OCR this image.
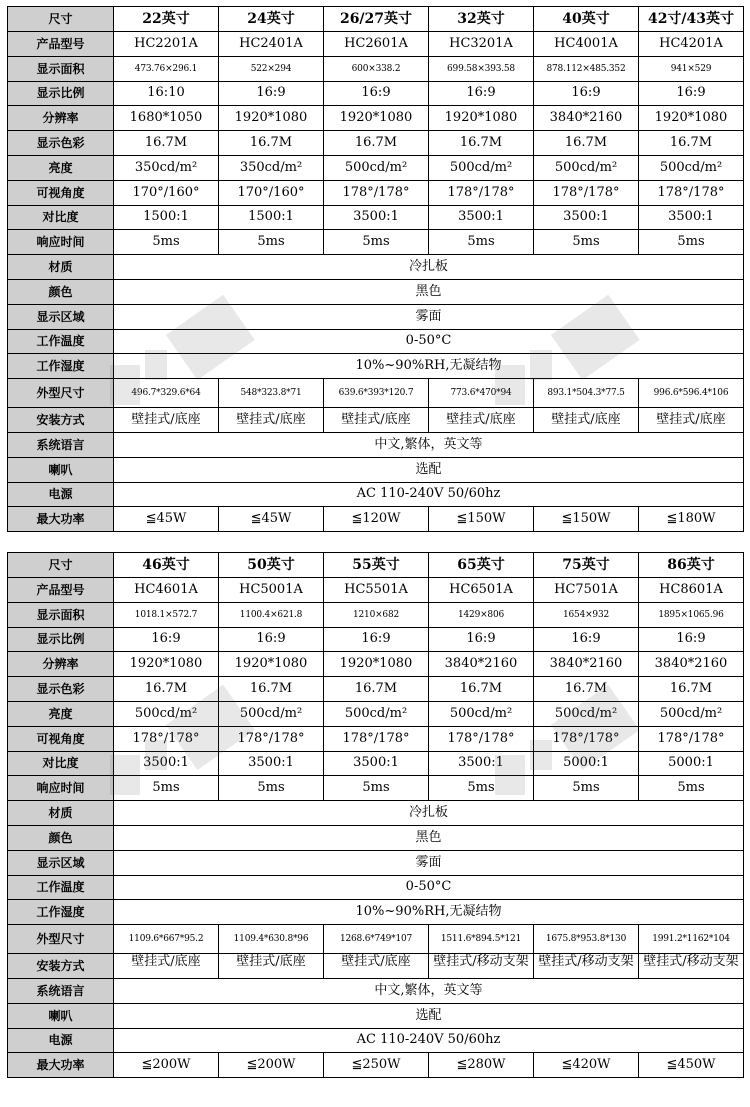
尺寸	22英寸	24英寸	26/27英寸	32英寸	40英寸	42寸/43英寸
产品型号	HC2201A	HC2401A	HC2601A	HC3201A	HC4001A	HC4201A
显示面积	473.76×296.1	522×294	600×338.2	699.58×393.58	878.112×485.352	941×529
显示比例	16:10	16:9	16:9	16:9	16:9	16:9
分辨率	1680*1050	1920*1080	1920*1080	1920*1080	3840*2160	1920*1080
显示色彩	16.7M	16.7M	16.7M	16.7M	16.7M	16.7M
亮度	350cd/m²	350cd/m²	500cd/m²	500cd/m²	500cd/m²	500cd/m²
可视角度	170°/160°	170°/160°	178°/178°	178°/178°	178°/178°	178°/178°
对比度	1500:1	1500:1	3500:1	3500:1	3500:1	3500:1
响应时间	5ms	5ms	5ms	5ms	5ms	5ms
材质	冷扎板					
颜色	黑色					
显示区域	雾面					
工作温度	0-50°C					
工作湿度	10%~90%RH,无凝结物					
外型尺寸	496.7*329.6*64	548*323.8*71	639.6*393*120.7	773.6*470*94	893.1*504.3*77.5	996.6*596.4*106
安装方式	壁挂式/底座	壁挂式/底座	壁挂式/底座	壁挂式/底座	壁挂式/底座	壁挂式/底座
系统语言	中文,繁体，英文等					
喇叭	选配					
电源	AC 110-240V 50/60hz					
最大功率	≦45W	≦45W	≦120W	≦150W	≦150W	≦180W
尺寸	46英寸	50英寸	55英寸	65英寸	75英寸	86英寸
产品型号	HC4601A	HC5001A	HC5501A	HC6501A	HC7501A	HC8601A
显示面积	1018.1×572.7	1100.4×621.8	1210×682	1429×806	1654×932	1895×1065.96
显示比例	16:9	16:9	16:9	16:9	16:9	16:9
分辨率	1920*1080	1920*1080	1920*1080	3840*2160	3840*2160	3840*2160
显示色彩	16.7M	16.7M	16.7M	16.7M	16.7M	16.7M
亮度	500cd/m²	500cd/m²	500cd/m²	500cd/m²	500cd/m²	500cd/m²
可视角度	178°/178°	178°/178°	178°/178°	178°/178°	178°/178°	178°/178°
对比度	3500:1	3500:1	3500:1	3500:1	5000:1	5000:1
响应时间	5ms	5ms	5ms	5ms	5ms	5ms
材质	冷扎板					
颜色	黑色					
显示区域	雾面					
工作温度	0-50°C					
工作湿度	10%~90%RH,无凝结物					
外型尺寸	1109.6*667*95.2	1109.4*630.8*96	1268.6*749*107	1511.6*894.5*121	1675.8*953.8*130	1991.2*1162*104
安装方式	壁挂式/底座	壁挂式/底座	壁挂式/底座	壁挂式/移动支架	壁挂式/移动支架	壁挂式/移动支架
系统语言	中文,繁体，英文等					
喇叭	选配					
电源	AC 110-240V 50/60hz					
最大功率	≦200W	≦200W	≦250W	≦280W	≦420W	≦450W
